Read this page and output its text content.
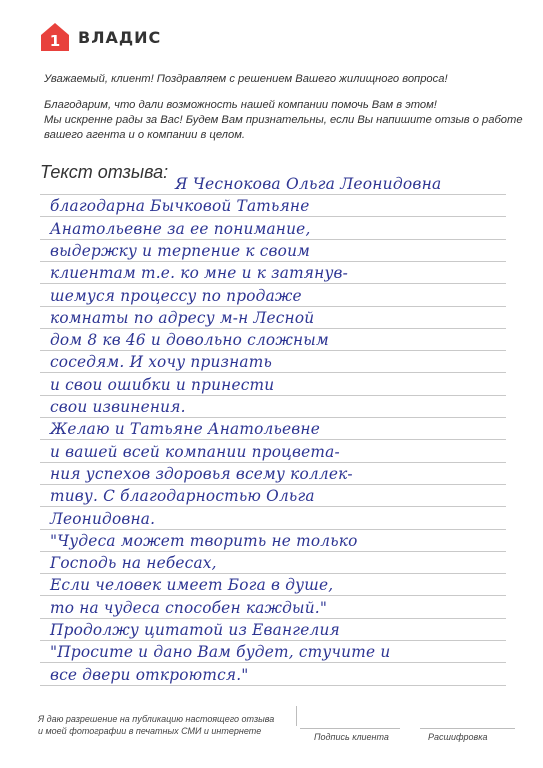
1 ВЛАДИС
Уважаемый, клиент! Поздравляем с решением Вашего жилищного вопроса!
Благодарим, что дали возможность нашей компании помочь Вам в этом!
Мы искренне рады за Вас! Будем Вам признательны, если Вы напишите отзыв о работе
вашего агента и о компании в целом.
Текст отзыва:
Я Чеснокова Ольга Леонидовна
благодарна Бычковой Татьяне
Анатольевне за ее понимание,
выдержку и терпение к своим
клиентам т.е. ко мне и к затянув-
шемуся процессу по продаже
комнаты по адресу м-н Лесной
дом 8 кв 46 и довольно сложным
соседям. И хочу признать
и свои ошибки и принести
свои извинения.
Желаю и Татьяне Анатольевне
и вашей всей компании процвета-
ния успехов здоровья всему коллек-
тиву. С благодарностью Ольга
Леонидовна.
"Чудеса может творить не только
Господь на небесах,
Если человек имеет Бога в душе,
то на чудеса способен каждый."
Продолжу цитатой из Евангелия
"Просите и дано Вам будет, стучите и
все двери откроются."
Я даю разрешение на публикацию настоящего отзыва
и моей фотографии в печатных СМИ и интернете
Подпись клиента	Расшифровка
